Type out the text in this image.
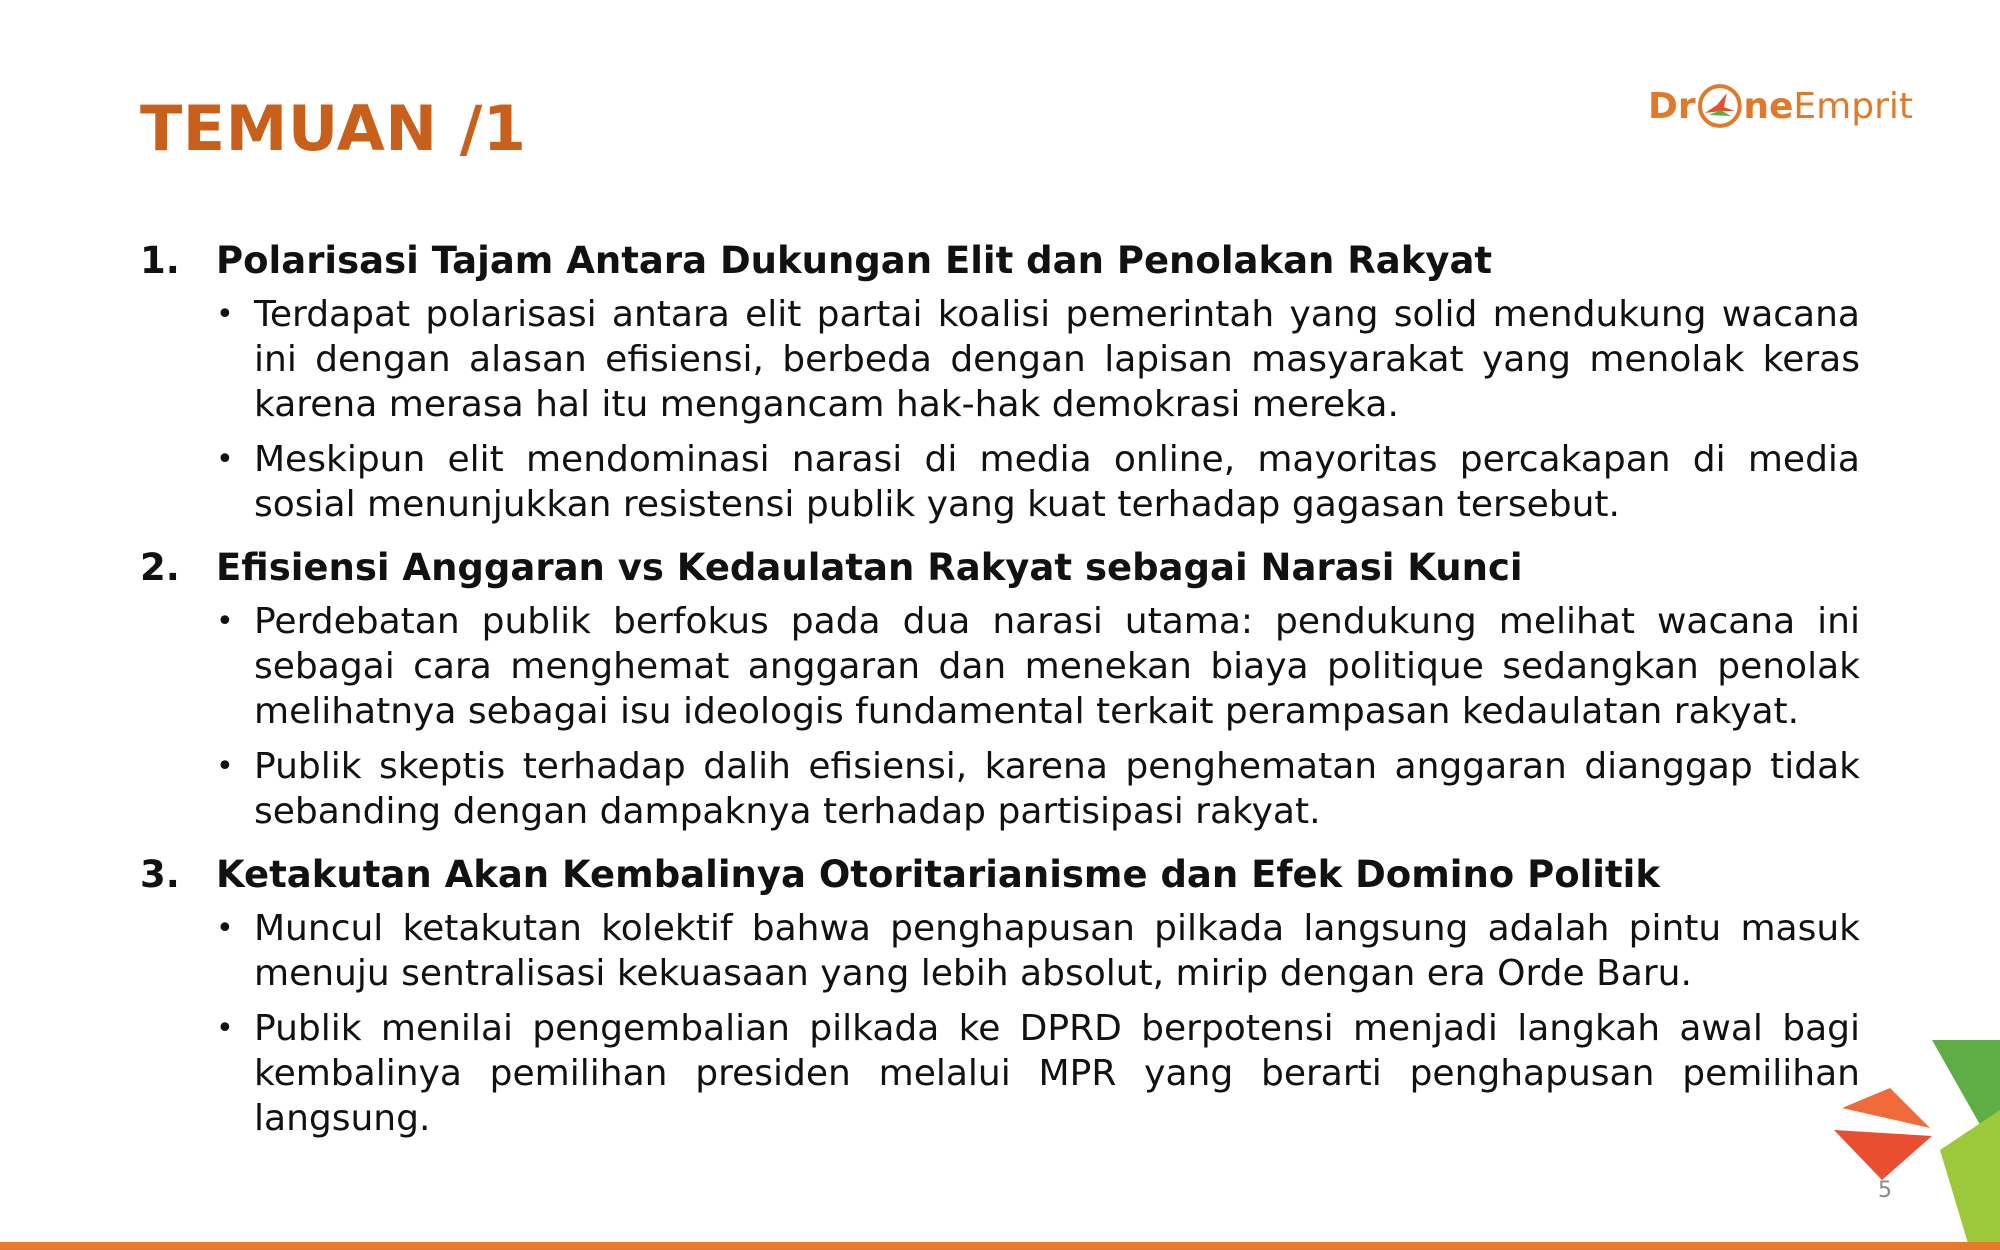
TEMUAN /1	Dr ne Emprit
1. Polarisasi Tajam Antara Dukungan Elit dan Penolakan Rakyat
• Terdapat polarisasi antara elit partai koalisi pemerintah yang solid mendukung wacana ini dengan alasan efisiensi, berbeda dengan lapisan masyarakat yang menolak keras karena merasa hal itu mengancam hak-hak demokrasi mereka.
• Meskipun elit mendominasi narasi di media online, mayoritas percakapan di media sosial menunjukkan resistensi publik yang kuat terhadap gagasan tersebut.
2. Efisiensi Anggaran vs Kedaulatan Rakyat sebagai Narasi Kunci
• Perdebatan publik berfokus pada dua narasi utama: pendukung melihat wacana ini sebagai cara menghemat anggaran dan menekan biaya politique sedangkan penolak melihatnya sebagai isu ideologis fundamental terkait perampasan kedaulatan rakyat.
• Publik skeptis terhadap dalih efisiensi, karena penghematan anggaran dianggap tidak sebanding dengan dampaknya terhadap partisipasi rakyat.
3. Ketakutan Akan Kembalinya Otoritarianisme dan Efek Domino Politik
• Muncul ketakutan kolektif bahwa penghapusan pilkada langsung adalah pintu masuk menuju sentralisasi kekuasaan yang lebih absolut, mirip dengan era Orde Baru.
• Publik menilai pengembalian pilkada ke DPRD berpotensi menjadi langkah awal bagi kembalinya pemilihan presiden melalui MPR yang berarti penghapusan pemilihan langsung.
5
